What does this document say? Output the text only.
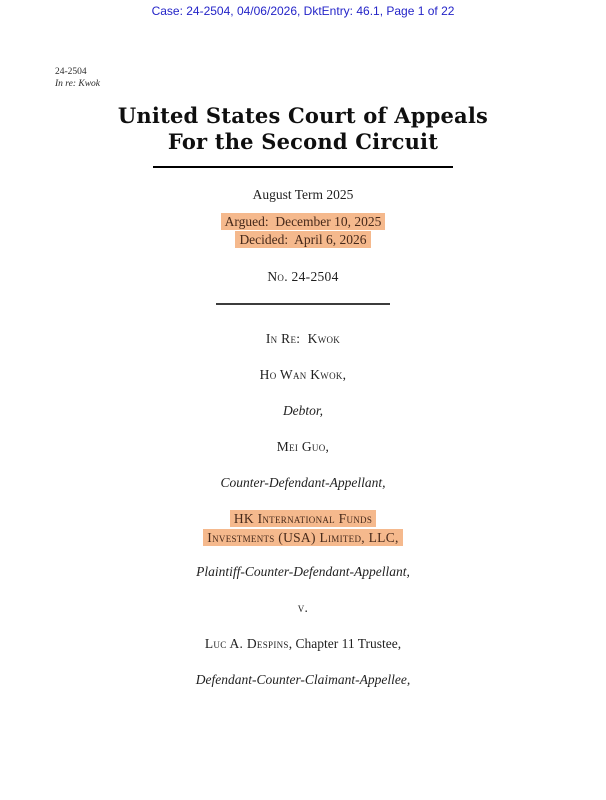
Case: 24-2504, 04/06/2026, DktEntry: 46.1, Page 1 of 22
24-2504
In re: Kwok
United States Court of Appeals
For the Second Circuit
August Term 2025
Argued:  December 10, 2025
Decided:  April 6, 2026
No. 24-2504
In Re:  Kwok
Ho Wan Kwok,
Debtor,
Mei Guo,
Counter-Defendant-Appellant,
HK International Funds
Investments (USA) Limited, LLC,
Plaintiff-Counter-Defendant-Appellant,
v.
Luc A. Despins, Chapter 11 Trustee,
Defendant-Counter-Claimant-Appellee,
